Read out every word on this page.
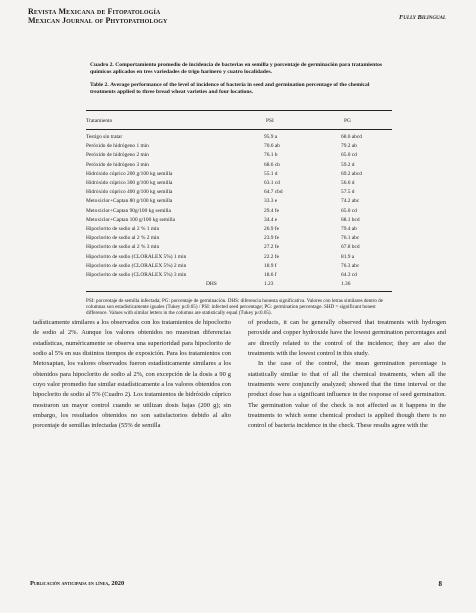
Revista Mexicana de Fitopatología
Mexican Journal of Phytopathology	Fully Bilingual
Cuadro 2. Comportamiento promedio de incidencia de bacterias en semilla y porcentaje de germinación para tratamientos químicos aplicados en tres variedades de trigo harinero y cuatro localidades.
Table 2. Average performance of the level of incidence of bacteria in seed and germination percentage of the chemical treatments applied to three bread wheat varieties and four locations.
Tratamiento	PSI	PG
Testigo sin tratar	95.9 a	68.6 abcd
Peróxido de hidrógeno 1 min	70.6 ab	79.2 ab
Peróxido de hidrógeno 2 min	76.1 b	65.0 cd
Peróxido de hidrógeno 3 min	68.6 cb	59.2 d
Hidróxido cúprico 200 g/100 kg semilla	55.1 d	69.2 abcd
Hidróxido cúprico 300 g/100 kg semilla	63.1 cd	56.6 d
Hidróxido cúprico 400 g/100 kg semilla	64.7 cbd	57.5 d
Metoxiclor+Captan 80 g/100 kg semilla	33.3 e	74.2 abc
Metoxiclor+Captan 90g/100 kg semilla	29.4 fe	65.0 cd
Metoxiclor+Captan 100 g/100 kg semilla	34.4 e	68.1 bcd
Hipoclorito de sodio al 2 % 1 min	26.9 fe	79.4 ab
Hipoclorito de sodio al 2 % 2 min	23.9 fe	76.1 abc
Hipoclorito de sodio al 2 % 3 min	27.2 fe	67.8 bcd
Hipoclorito de sodio (CLORALEX 5%) 1 min	22.2 fe	81.9 a
Hipoclorito de sodio (CLORALEX 5%) 2 min	18.9 f	76.3 abc
Hipoclorito de sodio (CLORALEX 5%) 3 min	18.6 f	64.3 cd
DHS	1.23	1.36
PSI: porcentaje de semilla infectada; PG: porcentaje de germinación. DHS: diferencia honesta significativa. Valores con letras similares dentro de columnas son estadísticamente iguales (Tukey p≤0.05) / PSI: infected seed percentage; PG: germination percentage. SHD = significant honest difference. Values with similar letters in the columns are statistically equal (Tukey p≤0.05).

tadísticamente similares a los observados con los tratamientos de hipoclorito de sodio al 2%. Aunque los valores obtenidos no muestran diferencias estadísticas, numéricamente se observa una superioridad para hipoclorito de sodio al 5% en sus distintos tiempos de exposición. Para los tratamientos con Metoxaptan, los valores observados fueron estadísticamente similares a los obtenidos para hipoclorito de sodio al 2%, con excepción de la dosis a 90 g cuyo valor promedio fue similar estadísticamente a los valores obtenidos con hipoclorito de sodio al 5% (Cuadro 2). Los tratamientos de hidróxido cúprico mostraron un mayor control cuando se utilizan dosis bajas (200 g); sin embargo, los resultados obtenidos no son satisfactorios debido al alto porcentaje de semillas infectadas (55% de semilla

of products, it can be generally observed that treatments with hydrogen peroxide and copper hydroxide have the lowest germination percentages and are directly related to the control of the incidence; they are also the treatments with the lowest control in this study.

In the case of the control, the mean germination percentage is statistically similar to that of all the chemical treatments, when all the treatments were conjunctly analyzed; showed that the time interval or the product dose has a significant influence in the response of seed germination. The germination value of the check is not affected as it happens in the treatments to which some chemical product is applied though there is no control of bacteria incidence in the check. These results agree with the

Publicación anticipada en línea, 2020	8
